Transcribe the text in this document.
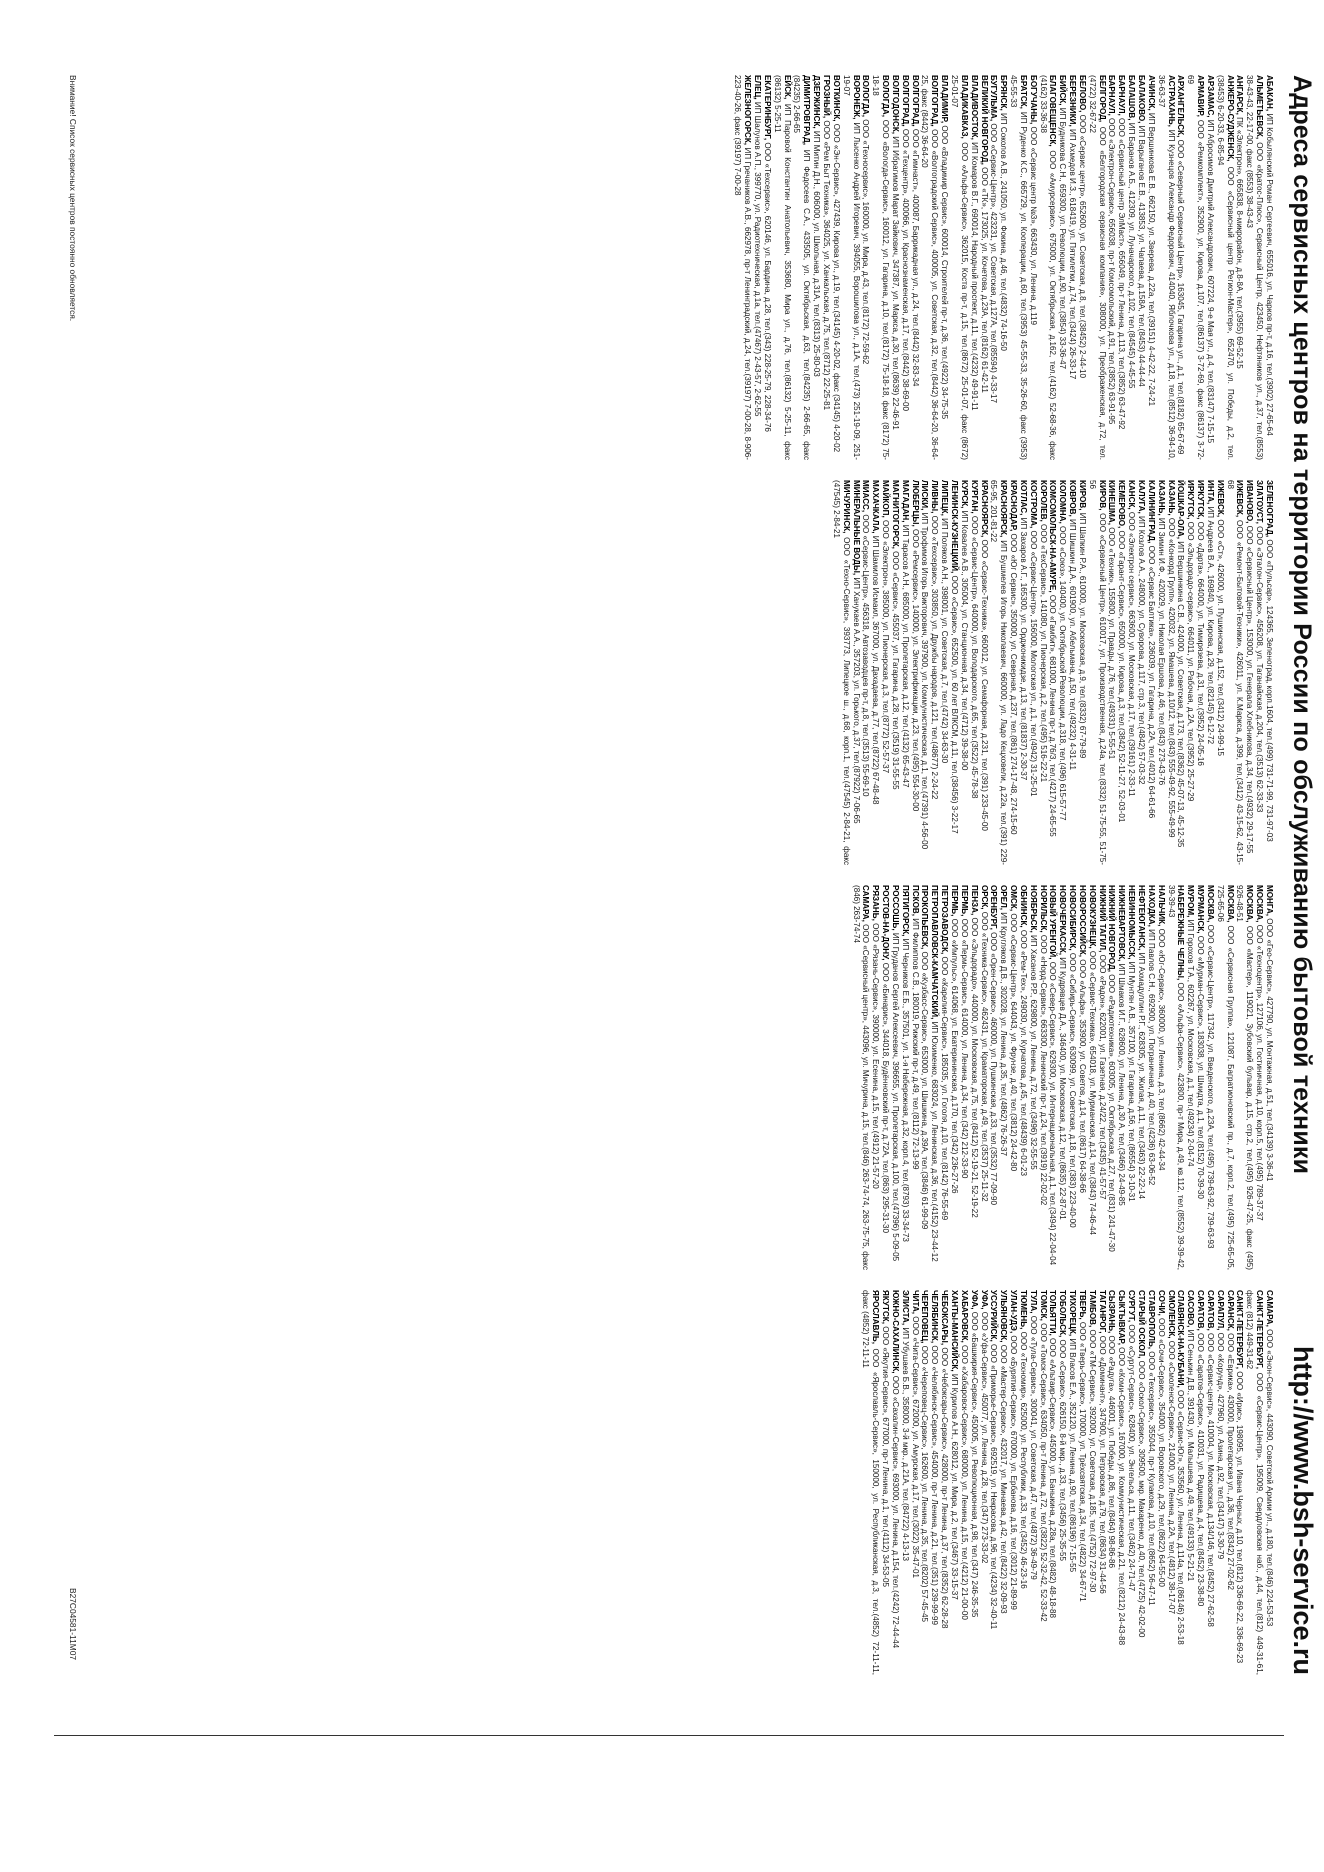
Адреса сервисных центров на территории России по обслуживанию бытовой техники
http://www.bsh-service.ru
АБАКАН, ИП Кобылянский Роман Сергеевич, 655016, ул. Чарков пр-т, д.16, тел.(3902) 27-65-64
АЛЬМЕТЬЕВСК, ООО «Кратос-Плюс», Сервисный Центр, 423450, Нефтяников ул., д.37, тел.(8553) 38-43-43, 22-17-00, факс (8553) 38-43-43
АНГАРСК, ПК «Электрон», 665838, 8-микрорайон, д.8-8А, тел.(3955) 69-52-15
АНЖЕРО-СУДЖЕНСК, ООО «Сервисный центр Регион-Мастер», 652470, ул. Победы, д.2, тел.(38453) 6-20-33, 6-85-94
АРЗАМАС, ИП Абросимов Дмитрий Александрович, 607224, 9-е Мая ул., д.4, тел.(83147) 7-15-15
АРМАВИР, ООО «Ремкомплект», 352900, ул. Кирова, д.107, тел.(86137) 3-72-69, факс (86137) 3-72-69
АРХАНГЕЛЬСК, ООО «Северный Сервисный Центр», 163045, Гагарина ул., д.1, тел.(8182) 65-67-69
АСТРАХАНЬ, ИП Кузнецов Александр Федорович, 414040, Яблочкова ул., д.18, тел.(8512) 36-94-10, 36-63-37
АЧИНСК, ИП Вершинкова Е.В., 662150, ул. Зверева, д.22а, тел.(39151) 4-42-22, 7-24-21
БАЛАКОВО, ИП Варыганов Е.В., 413853, ул. Чапаева, д.158А, тел.(8453) 44-44-44
БАЛАШОВ, ИП Баранов А.Б., 412309, ул. Луначарского, д.102, тел.(84545) 4-45-55
БАРНАУЛ, ООО «Сервисный центр ЭлМаст», 656049, пр-т Ленина, д.113, тел.(3852) 63-47-92
БАРНАУЛ, ООО «Электрон-Сервис», 656038, пр-т Комсомольский, д.91, тел.(3852) 63-91-95
БЕЛГОРОД, ООО «Белгородская сервисная компания», 308000, ул. Преображенская, д.72, тел.(4722) 32-67-22
БЕЛОВО, ООО «Сервис центр», 652600, ул. Советская, д.8, тел.(38452) 2-44-10
БЕРЕЗНИКИ, ИП Ахмедов И.З., 618419, ул. Пятилетки, д.74, тел.(3424) 26-33-17
БИЙСК, ИП Будникова С.Н., 659300, ул. Революции, д.90, тел.(3854) 33-36-47
БЛАГОВЕЩЕНСК, ООО «Амурсервис», 675000, ул. Октябрьская, д.162, тел.(4162) 52-68-36, факс (4162) 33-36-38
БОГУЧАНЫ, ООО «Сервис центр №3», 663430, ул. Ленина, д.119
БРАТСК, ИП Руденко К.С., 665729, ул. Кооперации, д.60, тел.(3953) 45-55-33, 35-26-60, факс (3953) 45-55-33
БРЯНСК, ИП Соколов А.В., 241050, ул. Фокина, д.46, тел.(4832) 74-16-50
БУГУЛЬМА, ООО «Сервис-Центр», 423231, ул. Советская, д.127А, тел.(85594) 4-33-17
ВЕЛИКИЙ НОВГОРОД, ООО «ТК», 173025, ул. Кочетова, д.23А, тел.(8162) 61-42-11
ВЛАДИВОСТОК, ИП Комаров В.Г., 690014, Народный проспект, д.11, тел.(4232) 49-91-11
ВЛАДИКАВКАЗ, ООО «Альфа-Сервис», 362015, Коста пр-т, д.15, тел.(8672) 25-01-07, факс (8672) 25-01-07
ВЛАДИМИР, ООО «Владимир Сервис», 600014, Строителей пр-т, д.36, тел.(4922) 34-75-35
ВОЛГОГРАД, ООО «Волгоградский Сервис», 400005, ул. Советская, д.32, тел.(8442) 36-64-20, 36-64-25, факс (8442) 36-64-20
ВОЛГОГРАД, ООО «Гимнаст», 400087, Баррикадная ул., д.24, тел.(8442) 32-83-34
ВОЛГОГРАД, ООО «Техцентр», 400066, ул. Краснознаменская, д.17, тел.(8442) 38-69-00
ВОЛГОДОНСК, ИП Ибрагимов Марат Зайкович, 347387, ул. Маркса, д.30, тел.(8639) 22-46-91
ВОЛОГДА, ООО «Вологда-Сервис», 160012, ул. Гагарина, д.10, тел.(8172) 75-18-18, факс (8172) 75-18-18
ВОЛОГДА, ООО «Техносервис», 160000, ул. Мира, д.43, тел.(8172) 72-59-62
ВОРОНЕЖ, ИП Лысенко Андрей Игоревич, 394055, Ворошилова ул., д.1А, тел.(473) 251-19-09, 251-19-07
ВОТКИНСК, ООО «Эн-Сервис», 427439, Кирова ул., д.19, тел.(34145) 4-20-02, факс (34145) 4-20-02
ГРОЗНЫЙ, ООО «Рем Быт Техника», 364025, ул. Ханкальская, д.75, тел.(8712) 22-25-81
ДЗЕРЖИНСК, ИП Митин Д.Н., 606000, ул. Школьная, д.31А, тел.(8313) 25-80-03
ДИМИТРОВГРАД, ИП Федосеев С.А., 433505, ул. Октябрьская, д.63, тел.(84235) 2-66-65, факс (84235) 2-66-65
ЕЙСК, ИП Паровой Константин Анатольевич, 353680, Мира ул., д.76, тел.(86132) 5-25-11, факс (86132) 5-25-11
ЕКАТЕРИНБУРГ, ООО «Техсервис», 620146, ул. Бардина, д.28, тел.(343) 228-25-79, 228-34-76
ЕЛЕЦ, ИП Шалунов А.П., 399770, ул. Радиотехническая, д.1а, тел.(47467) 2-43-57, 2-62-55
ЖЕЛЕЗНОГОРСК, ИП Гречаников А.В., 662978, пр-т Ленинградский, д.24, тел.(39197) 7-00-28, 8-906-223-40-26, факс (39197) 7-00-28
ЗЕЛЕНОГРАД, ООО «Пульсар», 124365, Зеленоград, корп.1604, тел.(499) 731-71-99, 731-97-03
ЗЛАТОУСТ, ООО «Эталон-Сервис», 456208, ул. Таганайская, д.204, тел.(3513) 62-33-33
ИВАНОВО, ООО «Сервисный Центр», 153000, ул. Генерала Хлебникова, д.34, тел.(4932) 29-17-55
ИЖЕВСК, ООО «Ремонт-Бытовой-Техники», 426011, ул. К.Маркса, д.399, тел.(3412) 43-15-62, 43-15-68
ИЖЕВСК, ООО «Ст», 426000, ул. Пушкинская, д.152, тел.(3412) 24-99-15
ИНТА, ИП Андреев В.А., 169840, ул. Кирова, д.29, тел.(82145) 6-12-72
ИРКУТСК, ООО «Дарта», 664000, ул. Тимирязева, д.31, тел.(3952) 24-05-16
ИРКУТСК, ООО «Эльдорадо-сервис», 664011, ул. Рабочая, д.2А, тел.(3952) 25-27-29
ЙОШКАР-ОЛА, ИП Вершинкина С.В., 424000, ул. Советская, д.173, тел.(8362) 45-07-13, 45-12-35
КАЗАНЬ, ООО «Конкорд Групп», 420032, ул. Ямашева, д.10/12, тел.(843) 555-49-92, 555-49-99
КАЗАНЬ, ИП Зимин И.Ф., 420029, ул. Николая Ершова, д.46, тел.(843) 273-43-76
КАЛИНИНГРАД, ООО «Сервис Балтика», 236039, ул. Гагарина, д.2А, тел.(4012) 64-61-66
КАЛУГА, ИП Козлов А.А., 248000, ул. Суворова, д.117, стр.3, тел.(4842) 57-03-32
КАНСК, ООО «Электрон сервис», 663600, ул. Московская, д.17, тел.(39161) 2-33-11
КЕМЕРОВО, ООО «Гарант-Сервис», 650000, ул. Кирова, д.3, тел.(3842) 52-11-27, 52-03-01
КИНЕШМА, ООО «Техник», 155800, ул. Правды, д.76, тел.(49331) 5-55-51
КИРОВ, ООО «Сервисный Центр», 610017, ул. Производственная, д.24а, тел.(8332) 51-75-55, 51-75-56
КИРОВ, ИП Шапкин Р.А., 610000, ул. Московская, д.9, тел.(8332) 67-79-89
КОВРОВ, ИП Шишкин Д.А., 601900, ул. Абельмана, д.50, тел.(49232) 4-31-11
КОЛОМНА, ООО «Союз», 140400, ул. Октябрьской Революции, д.318, тел.(496) 615-57-77
КОМСОМОЛЬСК-НА-АМУРЕ, ООО «Гамбит», 681000, Ленина пр-т, д.76/3, тел.(4217) 24-65-55
КОРОЛЕВ, ООО «ТехСервис», 141080, ул. Пионерская, д.2, тел.(495) 516-22-21
КОСТРОМА, ООО «Сервис-Центр», 156000, Мологская ул., д.1, тел.(4942) 31-25-01
КОТЛАС, ИП Захаров А.Г., 165300, ул. Орджоникидзе, д.13, тел.(81837) 2-30-37
КРАСНОДАР, ООО «Юг Сервис», 350000, ул. Северная, д.237, тел.(861) 274-17-48, 274-15-60
КРАСНОЯРСК, ИП Бушмелев Игорь Николаевич, 660000, ул. Ладо Кецховели, д.22а, тел.(391) 229-65-95, 201-81-22
КРАСНОЯРСК, ООО «Сервис-Техника», 660012, ул. Семафорная, д.231, тел.(391) 233-45-00
КУРГАН, ООО «Сервис-Центр», 640000, ул. Володарского, д.65, тел.(3522) 45-78-38
КУРСК, ИП Ковалев А.В., 305004, ул. Станционная, д.34, тел.(4712) 39-38-00
ЛЕНИНСК-КУЗНЕЦКИЙ, ООО «Сервис», 652500, ул. 60 лет ВЛКСМ, д.11, тел.(38456) 3-22-17
ЛИПЕЦК, ИП Поляков А.Н., 398001, ул. Советская, д.7, тел.(4742) 34-63-30
ЛИВНЫ, ООО «Техсервис», 303850, ул. Дружбы народов, д.121, тел.(48677) 2-24-22
ЛИСКИ, ИП Трофимов Игорь Викторович, 397900, ул. Коммунистическая, д.1, тел.(47391) 4-56-00
ЛЮБЕРЦЫ, ООО «Ремсервис», 140000, ул. Электрификации, д.23, тел.(495) 554-30-00
МАГАДАН, ИП Тарасов А.Н., 685000, ул. Пролетарская, д.12, тел.(4132) 65-43-47
МАГНИТОГОРСК, ООО «Сервис», 455037, ул. Гагарина, д.28, тел.(3519) 31-55-55
МАЙКОП, ООО «Электрон», 385000, ул. Пионерская, д.3, тел.(8772) 52-57-37
МАХАЧКАЛА, ИП Шамилов Исмаил, 367000, ул. Дахадаева, д.77, тел.(8722) 67-48-48
МИАСС, ООО «Сервис-Центр», 456318, Автозаводцев пр-т, д.8, тел.(3513) 55-69-10
МИНЕРАЛЬНЫЕ ВОДЫ, ИП Ханукаев А.А., 357203, ул. Горького, д.37, тел.(87922) 7-06-65
МИЧУРИНСК, ООО «Техно-Сервис», 393773, Липецкое ш., д.68, корп.1, тел.(47545) 2-84-21, факс (47545) 2-84-21
МОНГА, ООО «Гео-Сервис», 427790, ул. Монтажная, д.51, тел.(34139) 3-36-41
МОСКВА, ООО «Техноцентр», 127106, ул. Гостиничная, д.10, корп.5, тел.(495) 789-37-37
МОСКВА, ООО «Мастер», 119021, Зубовский бульвар, д.15, стр.2, тел.(495) 926-47-25, факс (495) 926-48-51
МОСКВА, ООО «Сервисная Группа», 121087, Багратионовский пр., д.7, корп.2, тел.(495) 725-65-05, 725-65-06
МОСКВА, ООО «Сервис-Центр», 117342, ул. Введенского, д.23А, тел.(495) 739-63-92, 739-63-93
МУРМАНСК, ООО «Мурман-Сервис», 183038, ул. Шмидта, д.1, тел.(8152) 70-39-30
МУРОМ, ИП Горохов Т.А., 602267, ул. Московская, д.1, тел.(49234) 2-04-74
НАБЕРЕЖНЫЕ ЧЕЛНЫ, ООО «Альфа-Сервис», 423800, пр-т Мира, д.49, кв.112, тел.(8552) 39-39-42, 39-39-43
НАЛЬЧИК, ООО «Юг-Сервис», 360000, ул. Ленина, д.3, тел.(8662) 42-44-34
НАХОДКА, ИП Павлов С.Н., 692900, ул. Пограничная, д.40, тел.(4236) 63-06-52
НЕФТЕЮГАНСК, ИП Ахмадуллин Р.Г., 628305, ул. Жилая, д.11, тел.(3463) 22-22-14
НЕВИННОМЫССК, ИП Мунтян А.В., 357100, ул. Гагарина, д.56, тел.(86554) 3-10-31
НИЖНЕВАРТОВСК, ИП Шмаков И.Г., 628600, ул. Ленина, д.30 А, тел.(3466) 24-49-85
НИЖНИЙ НОВГОРОД, ООО «Радиотехника», 603005, ул. Октябрьская, д.27, тел.(831) 241-47-30
НИЖНИЙ ТАГИЛ, ООО «Радон», 622001, ул. Газетная, д.24/22, тел.(3435) 41-57-57
НОВОКУЗНЕЦК, ООО «Сервис-Техника», 654018, ул. Мурманская, д.14, тел.(3843) 74-46-44
НОВОРОССИЙСК, ООО «Альфа», 353900, ул. Советов, д.14, тел.(8617) 64-38-66
НОВОСИБИРСК, ООО «Сибирь-Сервис», 630099, ул. Советская, д.18, тел.(383) 223-40-00
НОВОЧЕРКАССК, ИП Кудрявцев Д.А., 346400, ул. Московская, д.12, тел.(8635) 22-87-01
НОВЫЙ УРЕНГОЙ, ООО «Север-Сервис», 629300, ул. Интернациональная, д.1, тел.(3494) 22-04-04
НОРИЛЬСК, ООО «Норд-Сервис», 663300, Ленинский пр-т, д.24, тел.(3919) 22-02-02
НОЯБРЬСК, ИП Хасанов Р.Р., 629800, ул. Ленина, д.72, тел.(3496) 32-55-55
ОБНИНСК, ООО «Рем-Тех», 249030, ул. Курчатова, д.45, тел.(48439) 6-01-23
ОМСК, ООО «Сервис-Центр», 644043, ул. Фрунзе, д.40, тел.(3812) 24-42-80
ОРЕЛ, ИП Кругляков Д.В., 302028, ул. Ленина, д.35, тел.(4862) 76-26-37
ОРЕНБУРГ, ООО «Орен-Сервис», 460000, ул. Пушкинская, д.33, тел.(3532) 77-09-90
ОРСК, ООО «Техника-Сервис», 462431, ул. Краматорская, д.49, тел.(3537) 25-11-32
ПЕНЗА, ООО «Эльдорадо», 440000, ул. Московская, д.75, тел.(8412) 52-19-21, 52-19-22
ПЕРМЬ, ООО «Пермь-Сервис», 614000, ул. Ленина, д.34, тел.(342) 212-33-90
ПЕРМЬ, ООО «Импульс», 614068, ул. Екатерининская, д.170, тел.(342) 236-27-26
ПЕТРОЗАВОДСК, ООО «Карелия-Сервис», 185035, ул. Гоголя, д.10, тел.(8142) 76-55-69
ПЕТРОПАВЛОВСК-КАМЧАТСКИЙ, ИП Юхименко, 683024, ул. Ленинская, д.36, тел.(4152) 23-44-12
ПРОКОПЬЕВСК, ООО «Кузбасс-Сервис», 653000, ул. Шишкина, д.39А, тел.(3846) 61-99-09
ПСКОВ, ИП Филиппов С.В., 180019, Рижский пр-т, д.49, тел.(8112) 72-13-99
ПЯТИГОРСК, ИП Черников Е.Б., 357501, ул. 1-я Набережная, д.32, корп.4, тел.(8793) 33-34-73
РОССОШЬ, ИП Груданов Сергей Алексеевич, 396655, ул. Пролетарская, д.100, тел.(47396) 5-09-05
РОСТОВ-НА-ДОНУ, ООО «Бинарис», 344018, Будённовский пр-т, д.72А, тел.(863) 295-31-30
РЯЗАНЬ, ООО «Рязань-Сервис», 390000, ул. Есенина, д.15, тел.(4912) 21-57-20
САМАРА, ООО «Сервисный центр», 443096, ул. Мичурина, д.15, тел.(846) 263-74-74, 263-75-75, факс (846) 263-74-74
САМАРА, ООО «Энон-Сервис», 443090, Советской Армии ул., д.180, тел.(846) 224-53-53
САНКТ-ПЕТЕРБУРГ, ООО «Сервис-Центр», 195009, Свердловская наб., д.44, тел.(812) 449-31-61, факс (812) 449-31-62
САНКТ-ПЕТЕРБУРГ, ООО «Ирис», 198095, ул. Ивана Черных, д.10, тел.(812) 336-69-22, 336-69-23
САРАНСК, ООО «Еврика», 430000, Пролетарская ул., д.36, тел.(8342) 27-02-62
САРАПУЛ, ООО «Корунд», 427960, ул. Азина, д.92, тел.(34147) 3-30-79
САРАТОВ, ООО «Сервис-центр», 410004, ул. Московская, д.134/146, тел.(8452) 27-62-58
САРАТОВ, ООО «Саратов-Сервис», 410031, ул. Радищева, д.4, тел.(8452) 23-38-80
САСОВО, ИП Сенькин Д.В., 391430, ул. Малышева, д.49, тел.(49133) 5-21-21
СЛАВЯНСК-НА-КУБАНИ, ООО «Сервис-Юг», 353560, ул. Ленина, д.114а, тел.(86146) 2-53-18
СМОЛЕНСК, ООО «Смоленск-Сервис», 214000, ул. Ленина, д.2А, тел.(4812) 38-17-07
СОЧИ, ООО «Сочи-Сервис», 354000, ул. Воровского, д.29, тел.(8622) 64-55-00
СТАВРОПОЛЬ, ООО «Техсервис», 355044, пр-т Кулакова, д.10, тел.(8652) 56-47-11
СТАРЫЙ ОСКОЛ, ООО «Оскол-Сервис», 309500, мкр. Макаренко, д.40, тел.(4725) 42-02-00
СУРГУТ, ООО «Сургут-Сервис», 628400, ул. Энгельса, д.11, тел.(3462) 24-71-47
СЫКТЫВКАР, ООО «Коми-Сервис», 167000, ул. Коммунистическая, д.21, тел.(8212) 24-43-88
СЫЗРАНЬ, ООО «Радуга», 446001, ул. Победы, д.86, тел.(8464) 98-86-86
ТАГАНРОГ, ООО «Доминант», 347900, ул. Петровская, д.79, тел.(8634) 31-44-56
ТАМБОВ, ООО «ТМ-Сервис», 392000, ул. Советская, д.185, тел.(4752) 72-97-30
ТВЕРЬ, ООО «Тверь-Сервис», 170000, ул. Трёхсвятская, д.34, тел.(4822) 34-67-71
ТИХОРЕЦК, ИП Власов Е.А., 352120, ул. Ленина, д.90, тел.(86196) 7-15-55
ТОБОЛЬСК, ООО «Сервис», 626150, 8-й мкр., д.33, тел.(3456) 25-35-55
ТОЛЬЯТТИ, ООО «Альтаир-Сервис», 445000, ул. Баныкина, д.28а, тел.(8482) 48-18-88
ТОМСК, ООО «Томск-Сервис», 634050, пр-т Ленина, д.72, тел.(3822) 52-32-42, 52-33-42
ТУЛА, ООО «Тула-Сервис», 300041, ул. Советская, д.47, тел.(4872) 36-49-79
ТЮМЕНЬ, ООО «Техномир», 625000, ул. Республики, д.33, тел.(3452) 46-23-16
УЛАН-УДЭ, ООО «Бурятия-Сервис», 670000, ул. Ербанова, д.16, тел.(3012) 21-89-99
УЛЬЯНОВСК, ООО «Мастер-Сервис», 432017, ул. Минаева, д.42, тел.(8422) 32-09-93
УССУРИЙСК, ООО «Приморье-Сервис», 692519, ул. Некрасова, д.96, тел.(4234) 32-40-11
УФА, ООО «Уфа-Сервис», 450077, ул. Ленина, д.28, тел.(347) 273-33-02
УФА, ООО «Башкирия-Сервис», 450005, ул. Революционная, д.98, тел.(347) 246-35-35
ХАБАРОВСК, ООО «Хабаровск-Сервис», 680000, ул. Ленина, д.15, тел.(4212) 21-00-00
ХАНТЫ-МАНСИЙСК, ИП Курилов А.Н., 628012, ул. Мира, д.2, тел.(3467) 33-15-37
ЧЕБОКСАРЫ, ООО «Чебоксары-Сервис», 428000, пр-т Ленина, д.37, тел.(8352) 62-28-28
ЧЕЛЯБИНСК, ООО «Челябинск-Сервис», 454000, пр-т Ленина, д.21, тел.(351) 239-99-99
ЧЕРЕПОВЕЦ, ООО «Череповец-Сервис», 162600, ул. Ленина, д.35, тел.(8202) 57-45-45
ЧИТА, ООО «Чита-Сервис», 672000, ул. Амурская, д.17, тел.(3022) 35-47-01
ЭЛИСТА, ИП Убушаев Б.В., 358000, 3-й мкр., д.21А, тел.(84722) 4-13-13
ЮЖНО-САХАЛИНСК, ООО «Сахалин-Сервис», 693000, ул. Ленина, д.154, тел.(4242) 72-44-44
ЯКУТСК, ООО «Якутия-Сервис», 677000, пр-т Ленина, д.1, тел.(4112) 34-53-05
ЯРОСЛАВЛЬ, ООО «Ярославль-Сервис», 150000, ул. Республиканская, д.3, тел.(4852) 72-11-11, факс (4852) 72-11-11
Внимание! Список сервисных центров постоянно обновляется.
B27C04581-11M07
